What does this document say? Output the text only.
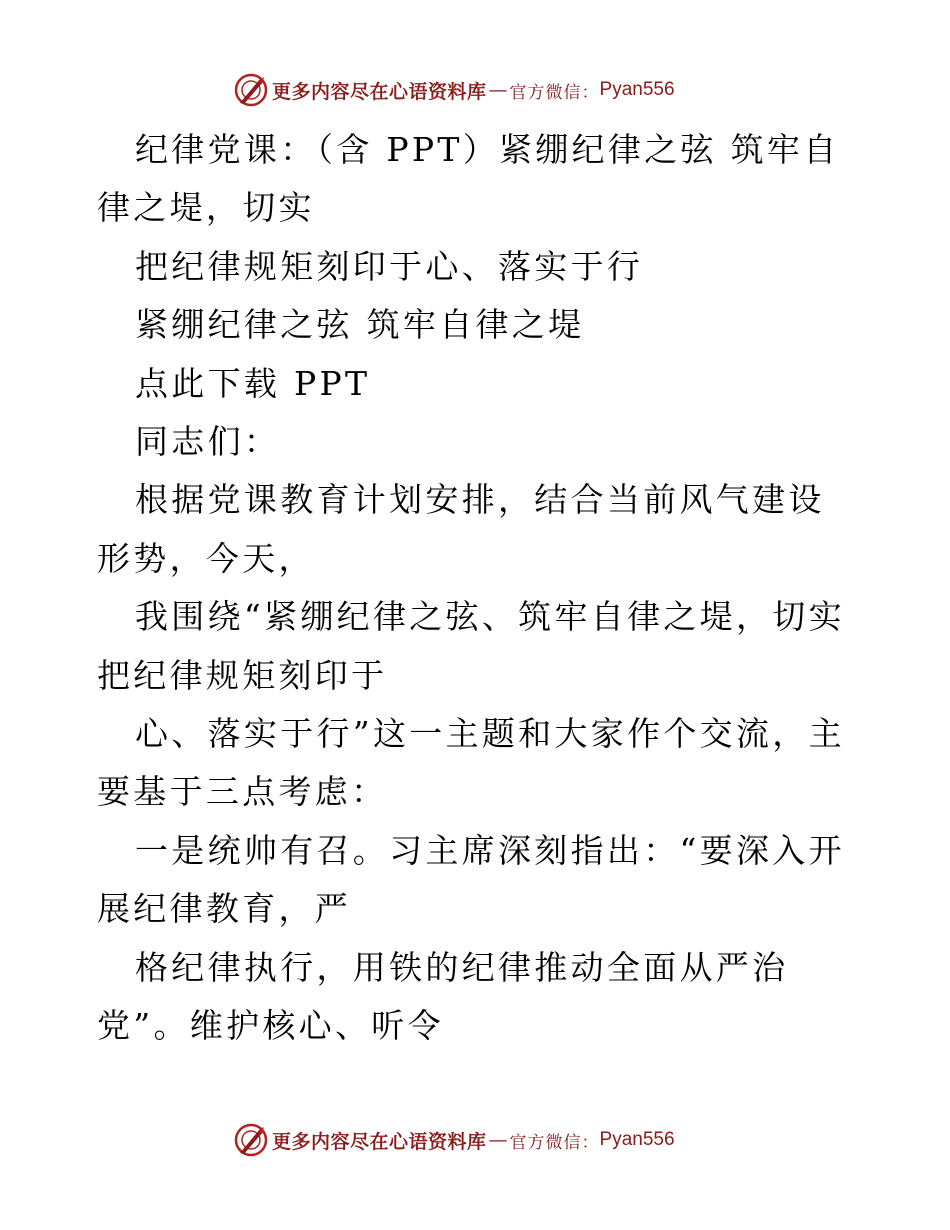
更多内容尽在心语资料库 — 官方微信： Pyan556

纪律党课：（含 PPT）紧绷纪律之弦 筑牢自律之堤，切实

把纪律规矩刻印于心、落实于行

紧绷纪律之弦 筑牢自律之堤

点此下载 PPT

同志们：

根据党课教育计划安排，结合当前风气建设形势，今天，

我围绕“紧绷纪律之弦、筑牢自律之堤，切实把纪律规矩刻印于

心、落实于行”这一主题和大家作个交流，主要基于三点考虑：

一是统帅有召。习主席深刻指出：“要深入开展纪律教育，严

格纪律执行，用铁的纪律推动全面从严治党”。维护核心、听令

更多内容尽在心语资料库 — 官方微信： Pyan556
